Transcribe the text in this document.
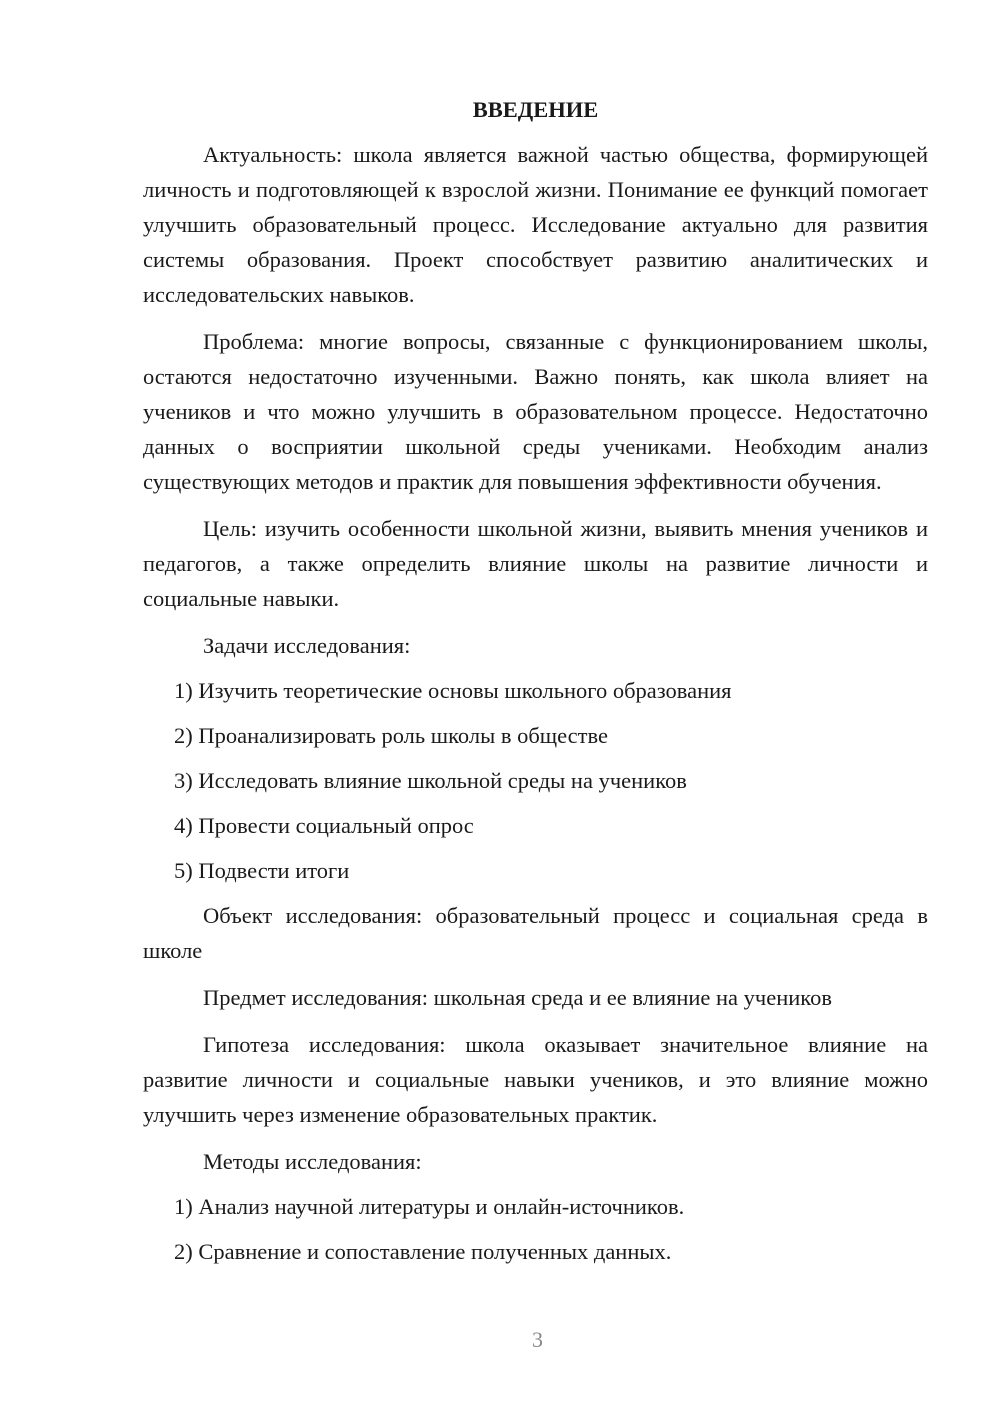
ВВЕДЕНИЕ

Актуальность: школа является важной частью общества, формирующей личность и подготовляющей к взрослой жизни. Понимание ее функций помогает улучшить образовательный процесс. Исследование актуально для развития системы образования. Проект способствует развитию аналитических и исследовательских навыков.

Проблема: многие вопросы, связанные с функционированием школы, остаются недостаточно изученными. Важно понять, как школа влияет на учеников и что можно улучшить в образовательном процессе. Недостаточно данных о восприятии школьной среды учениками. Необходим анализ существующих методов и практик для повышения эффективности обучения.

Цель: изучить особенности школьной жизни, выявить мнения учеников и педагогов, а также определить влияние школы на развитие личности и социальные навыки.

Задачи исследования:
1) Изучить теоретические основы школьного образования
2) Проанализировать роль школы в обществе
3) Исследовать влияние школьной среды на учеников
4) Провести социальный опрос
5) Подвести итоги

Объект исследования: образовательный процесс и социальная среда в школе

Предмет исследования: школьная среда и ее влияние на учеников

Гипотеза исследования: школа оказывает значительное влияние на развитие личности и социальные навыки учеников, и это влияние можно улучшить через изменение образовательных практик.

Методы исследования:
1) Анализ научной литературы и онлайн-источников.
2) Сравнение и сопоставление полученных данных.
3
